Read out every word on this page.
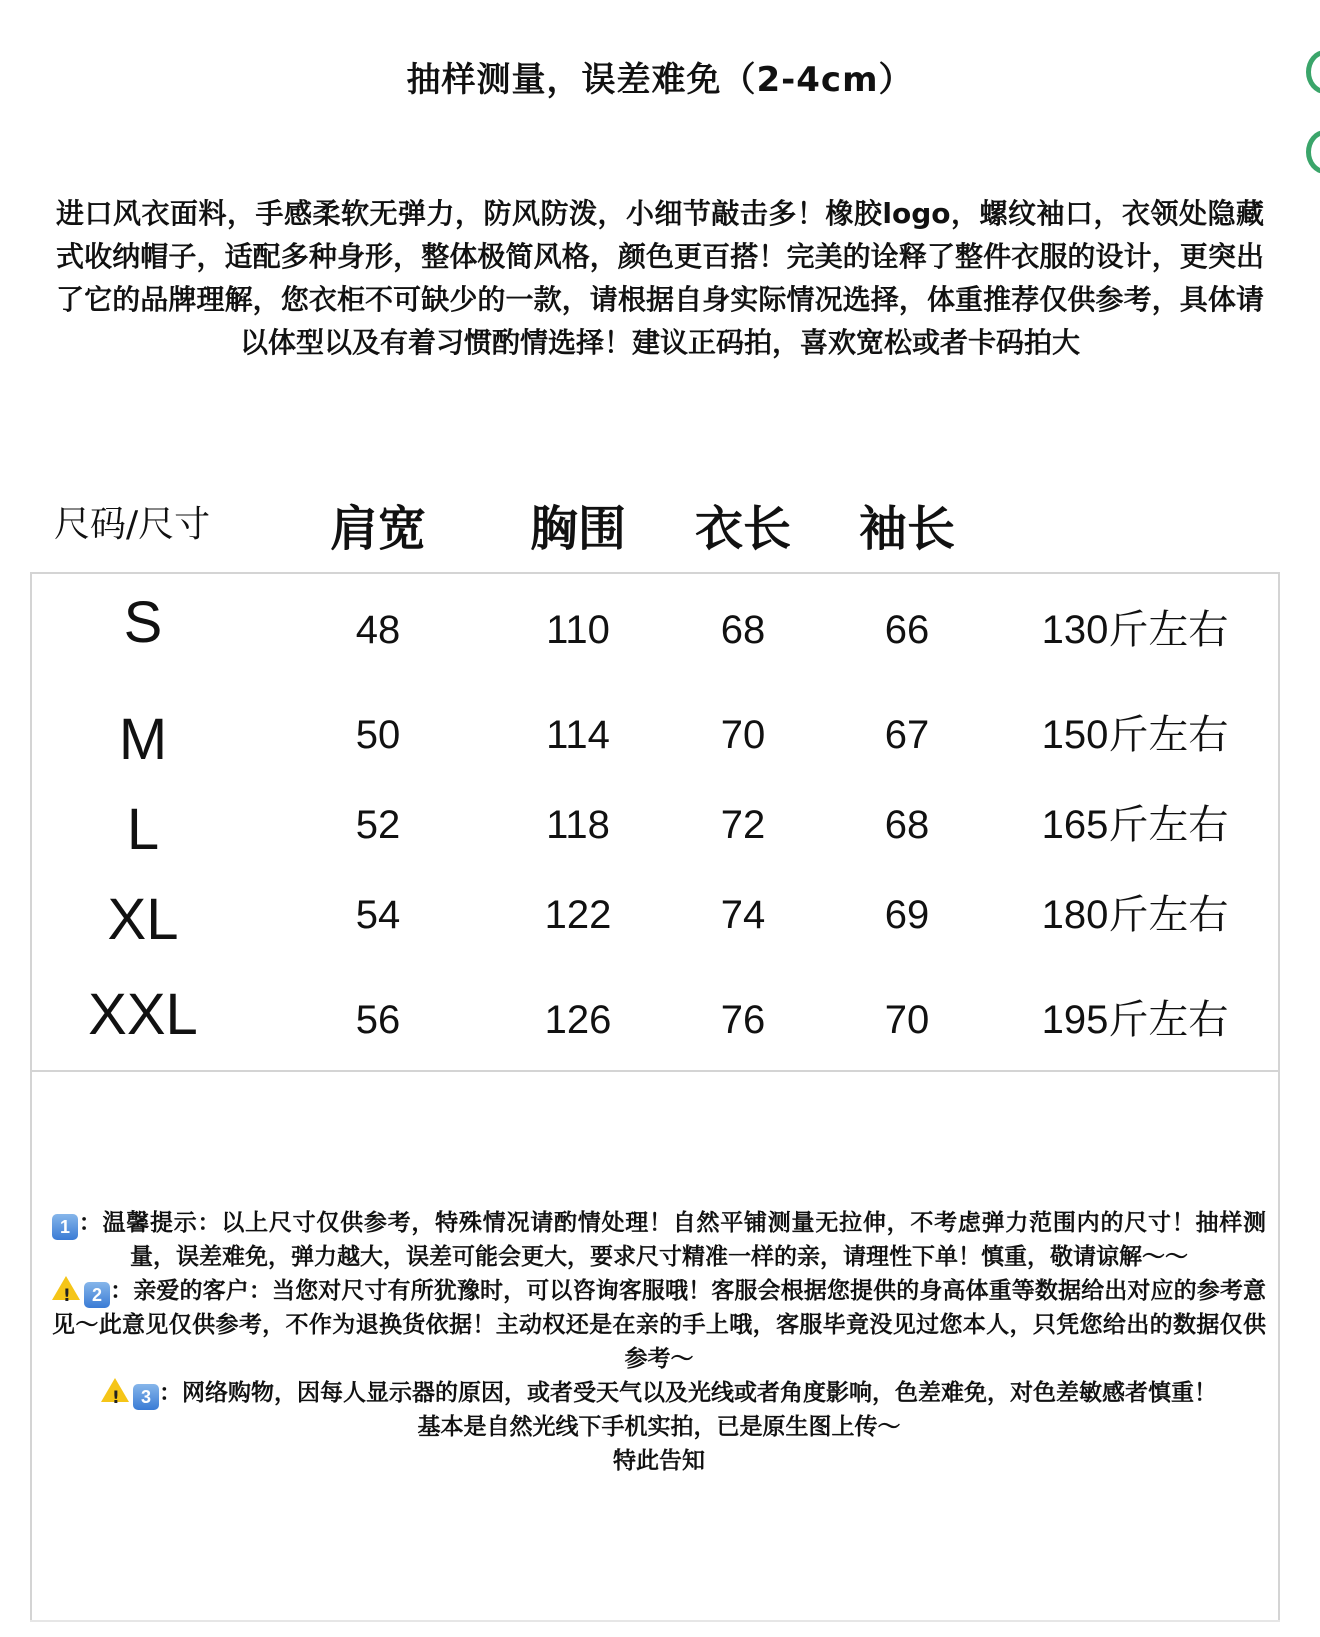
抽样测量，误差难免（2-4cm）
进口风衣面料，手感柔软无弹力，防风防泼，小细节敲击多！橡胶logo，螺纹袖口，衣领处隐藏式收纳帽子，适配多种身形，整体极简风格，颜色更百搭！完美的诠释了整件衣服的设计，更突出了它的品牌理解，您衣柜不可缺少的一款，请根据自身实际情况选择，体重推荐仅供参考，具体请以体型以及有着习惯酌情选择！建议正码拍，喜欢宽松或者卡码拍大
尺码/尺寸	肩宽	胸围	衣长	袖长
S	48	110	68	66	130斤左右
M	50	114	70	67	150斤左右
L	52	118	72	68	165斤左右
XL	54	122	74	69	180斤左右
XXL	56	126	76	70	195斤左右

1 ：温馨提示：以上尺寸仅供参考，特殊情况请酌情处理！自然平铺测量无拉伸，不考虑弹力范围内的尺寸！抽样测量，误差难免，弹力越大，误差可能会更大，要求尺寸精准一样的亲，请理性下单！慎重，敬请谅解～～

!2 ：亲爱的客户：当您对尺寸有所犹豫时，可以咨询客服哦！客服会根据您提供的身高体重等数据给出对应的参考意见～此意见仅供参考，不作为退换货依据！主动权还是在亲的手上哦，客服毕竟没见过您本人，只凭您给出的数据仅供参考～

!3 ：网络购物，因每人显示器的原因，或者受天气以及光线或者角度影响，色差难免，对色差敏感者慎重！

基本是自然光线下手机实拍，已是原生图上传～

特此告知
